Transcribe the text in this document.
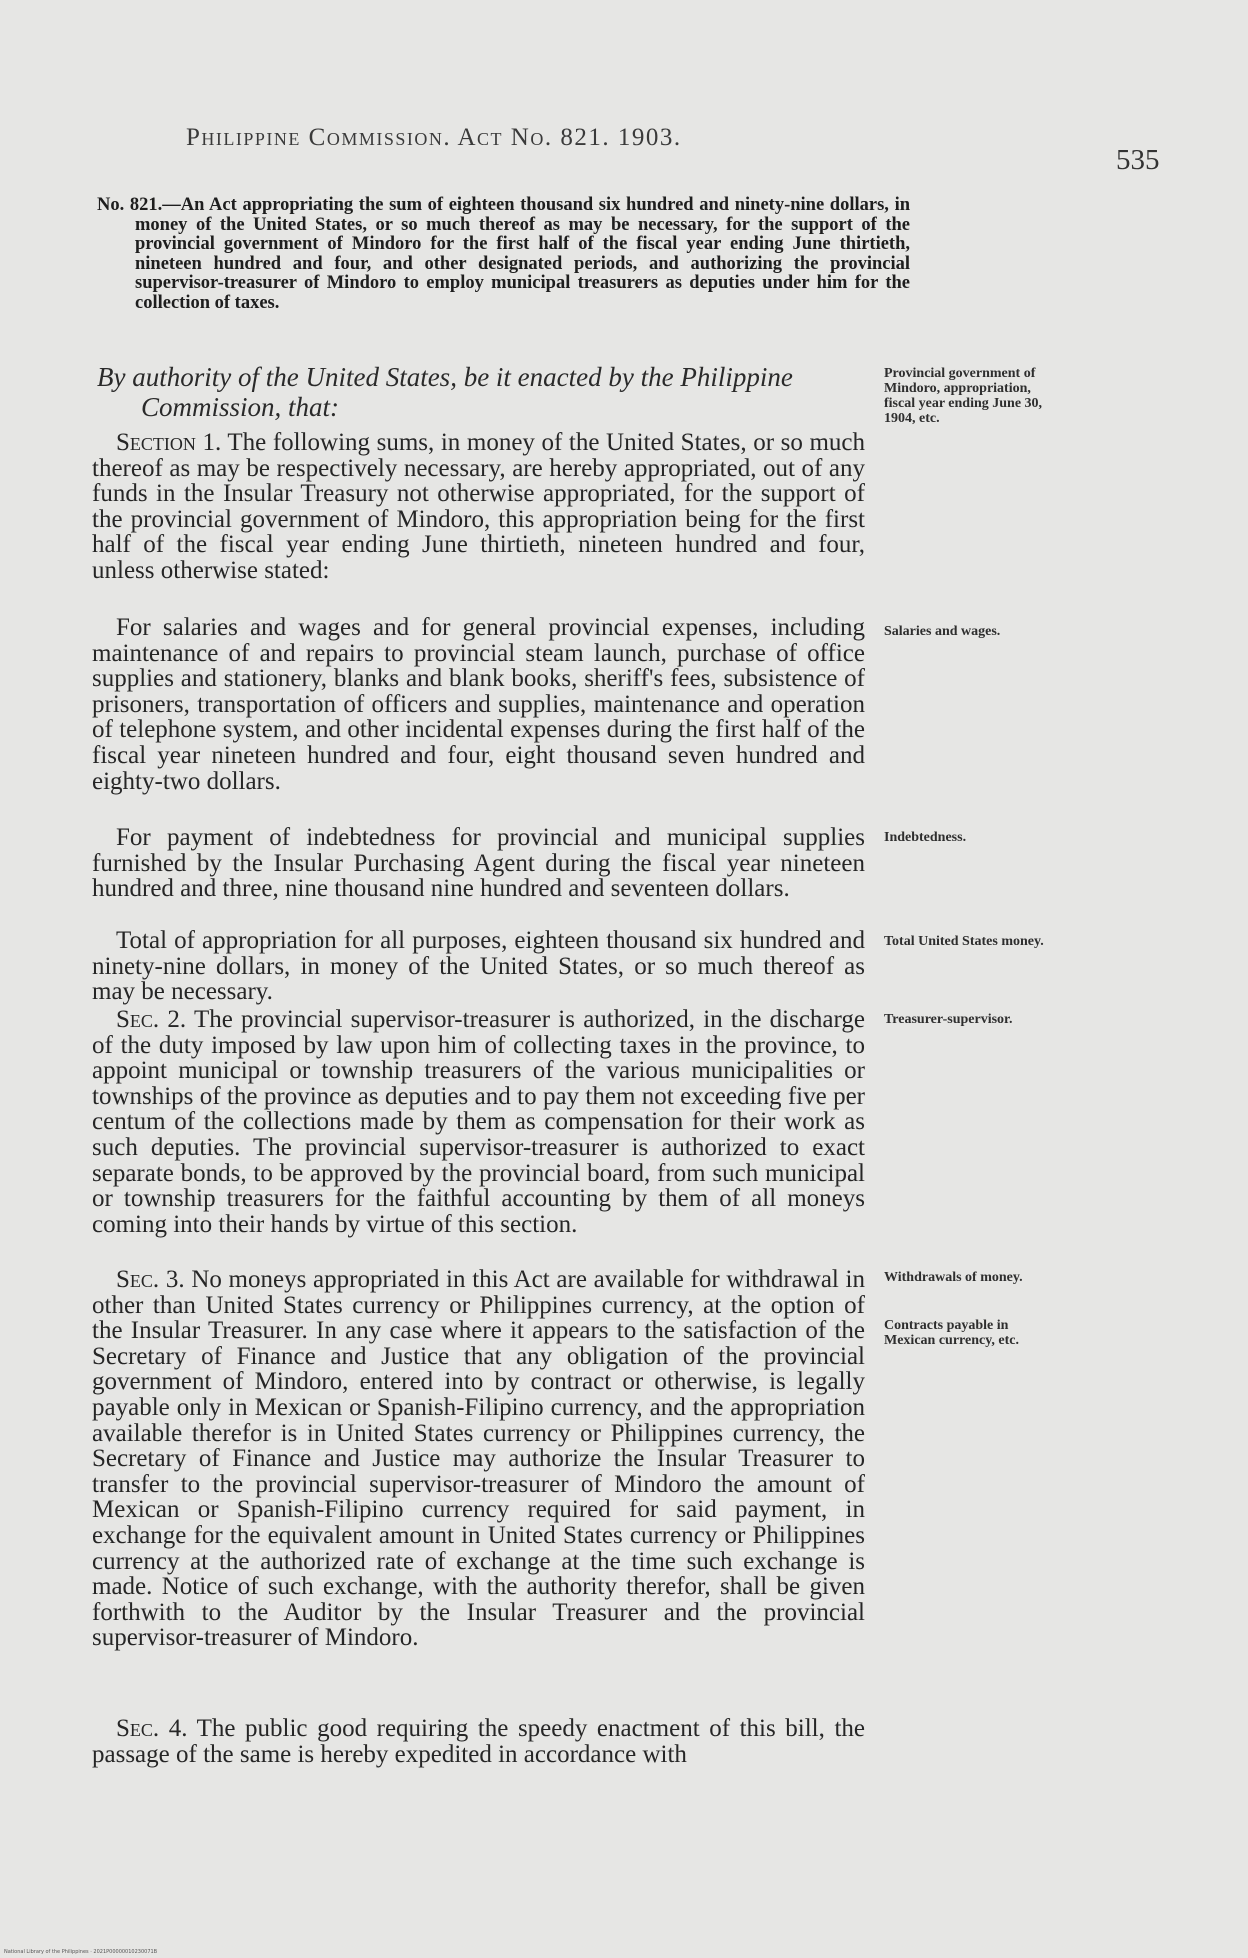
Philippine Commission. Act No. 821. 1903.
535
No. 821.—An Act appropriating the sum of eighteen thousand six hundred and ninety-nine dollars, in money of the United States, or so much thereof as may be necessary, for the support of the provincial government of Mindoro for the first half of the fiscal year ending June thirtieth, nineteen hundred and four, and other designated periods, and authorizing the provincial supervisor-treasurer of Mindoro to employ municipal treasurers as deputies under him for the collection of taxes.
By authority of the United States, be it enacted by the Philippine Commission, that:

Section 1. The following sums, in money of the United States, or so much thereof as may be respectively necessary, are hereby appropriated, out of any funds in the Insular Treasury not otherwise appropriated, for the support of the provincial government of Mindoro, this appropriation being for the first half of the fiscal year ending June thirtieth, nineteen hundred and four, unless otherwise stated:

For salaries and wages and for general provincial expenses, including maintenance of and repairs to provincial steam launch, purchase of office supplies and stationery, blanks and blank books, sheriff's fees, subsistence of prisoners, transportation of officers and supplies, maintenance and operation of telephone system, and other incidental expenses during the first half of the fiscal year nineteen hundred and four, eight thousand seven hundred and eighty-two dollars.

For payment of indebtedness for provincial and municipal supplies furnished by the Insular Purchasing Agent during the fiscal year nineteen hundred and three, nine thousand nine hundred and seventeen dollars.

Total of appropriation for all purposes, eighteen thousand six hundred and ninety-nine dollars, in money of the United States, or so much thereof as may be necessary.

Sec. 2. The provincial supervisor-treasurer is authorized, in the discharge of the duty imposed by law upon him of collecting taxes in the province, to appoint municipal or township treasurers of the various municipalities or townships of the province as deputies and to pay them not exceeding five per centum of the collections made by them as compensation for their work as such deputies. The provincial supervisor-treasurer is authorized to exact separate bonds, to be approved by the provincial board, from such municipal or township treasurers for the faithful accounting by them of all moneys coming into their hands by virtue of this section.

Sec. 3. No moneys appropriated in this Act are available for withdrawal in other than United States currency or Philippines currency, at the option of the Insular Treasurer. In any case where it appears to the satisfaction of the Secretary of Finance and Justice that any obligation of the provincial government of Mindoro, entered into by contract or otherwise, is legally payable only in Mexican or Spanish-Filipino currency, and the appropriation available therefor is in United States currency or Philippines currency, the Secretary of Finance and Justice may authorize the Insular Treasurer to transfer to the provincial supervisor-treasurer of Mindoro the amount of Mexican or Spanish-Filipino currency required for said payment, in exchange for the equivalent amount in United States currency or Philippines currency at the authorized rate of exchange at the time such exchange is made. Notice of such exchange, with the authority therefor, shall be given forthwith to the Auditor by the Insular Treasurer and the provincial supervisor-treasurer of Mindoro.

Sec. 4. The public good requiring the speedy enactment of this bill, the passage of the same is hereby expedited in accordance with

Provincial government of Mindoro, appropriation, fiscal year ending June 30, 1904, etc.
Salaries and wages.
Indebtedness.
Total United States money.
Treasurer-supervisor.
Withdrawals of money.
Contracts payable in Mexican currency, etc.
National Library of the Philippines · 2021P00000010230071B
